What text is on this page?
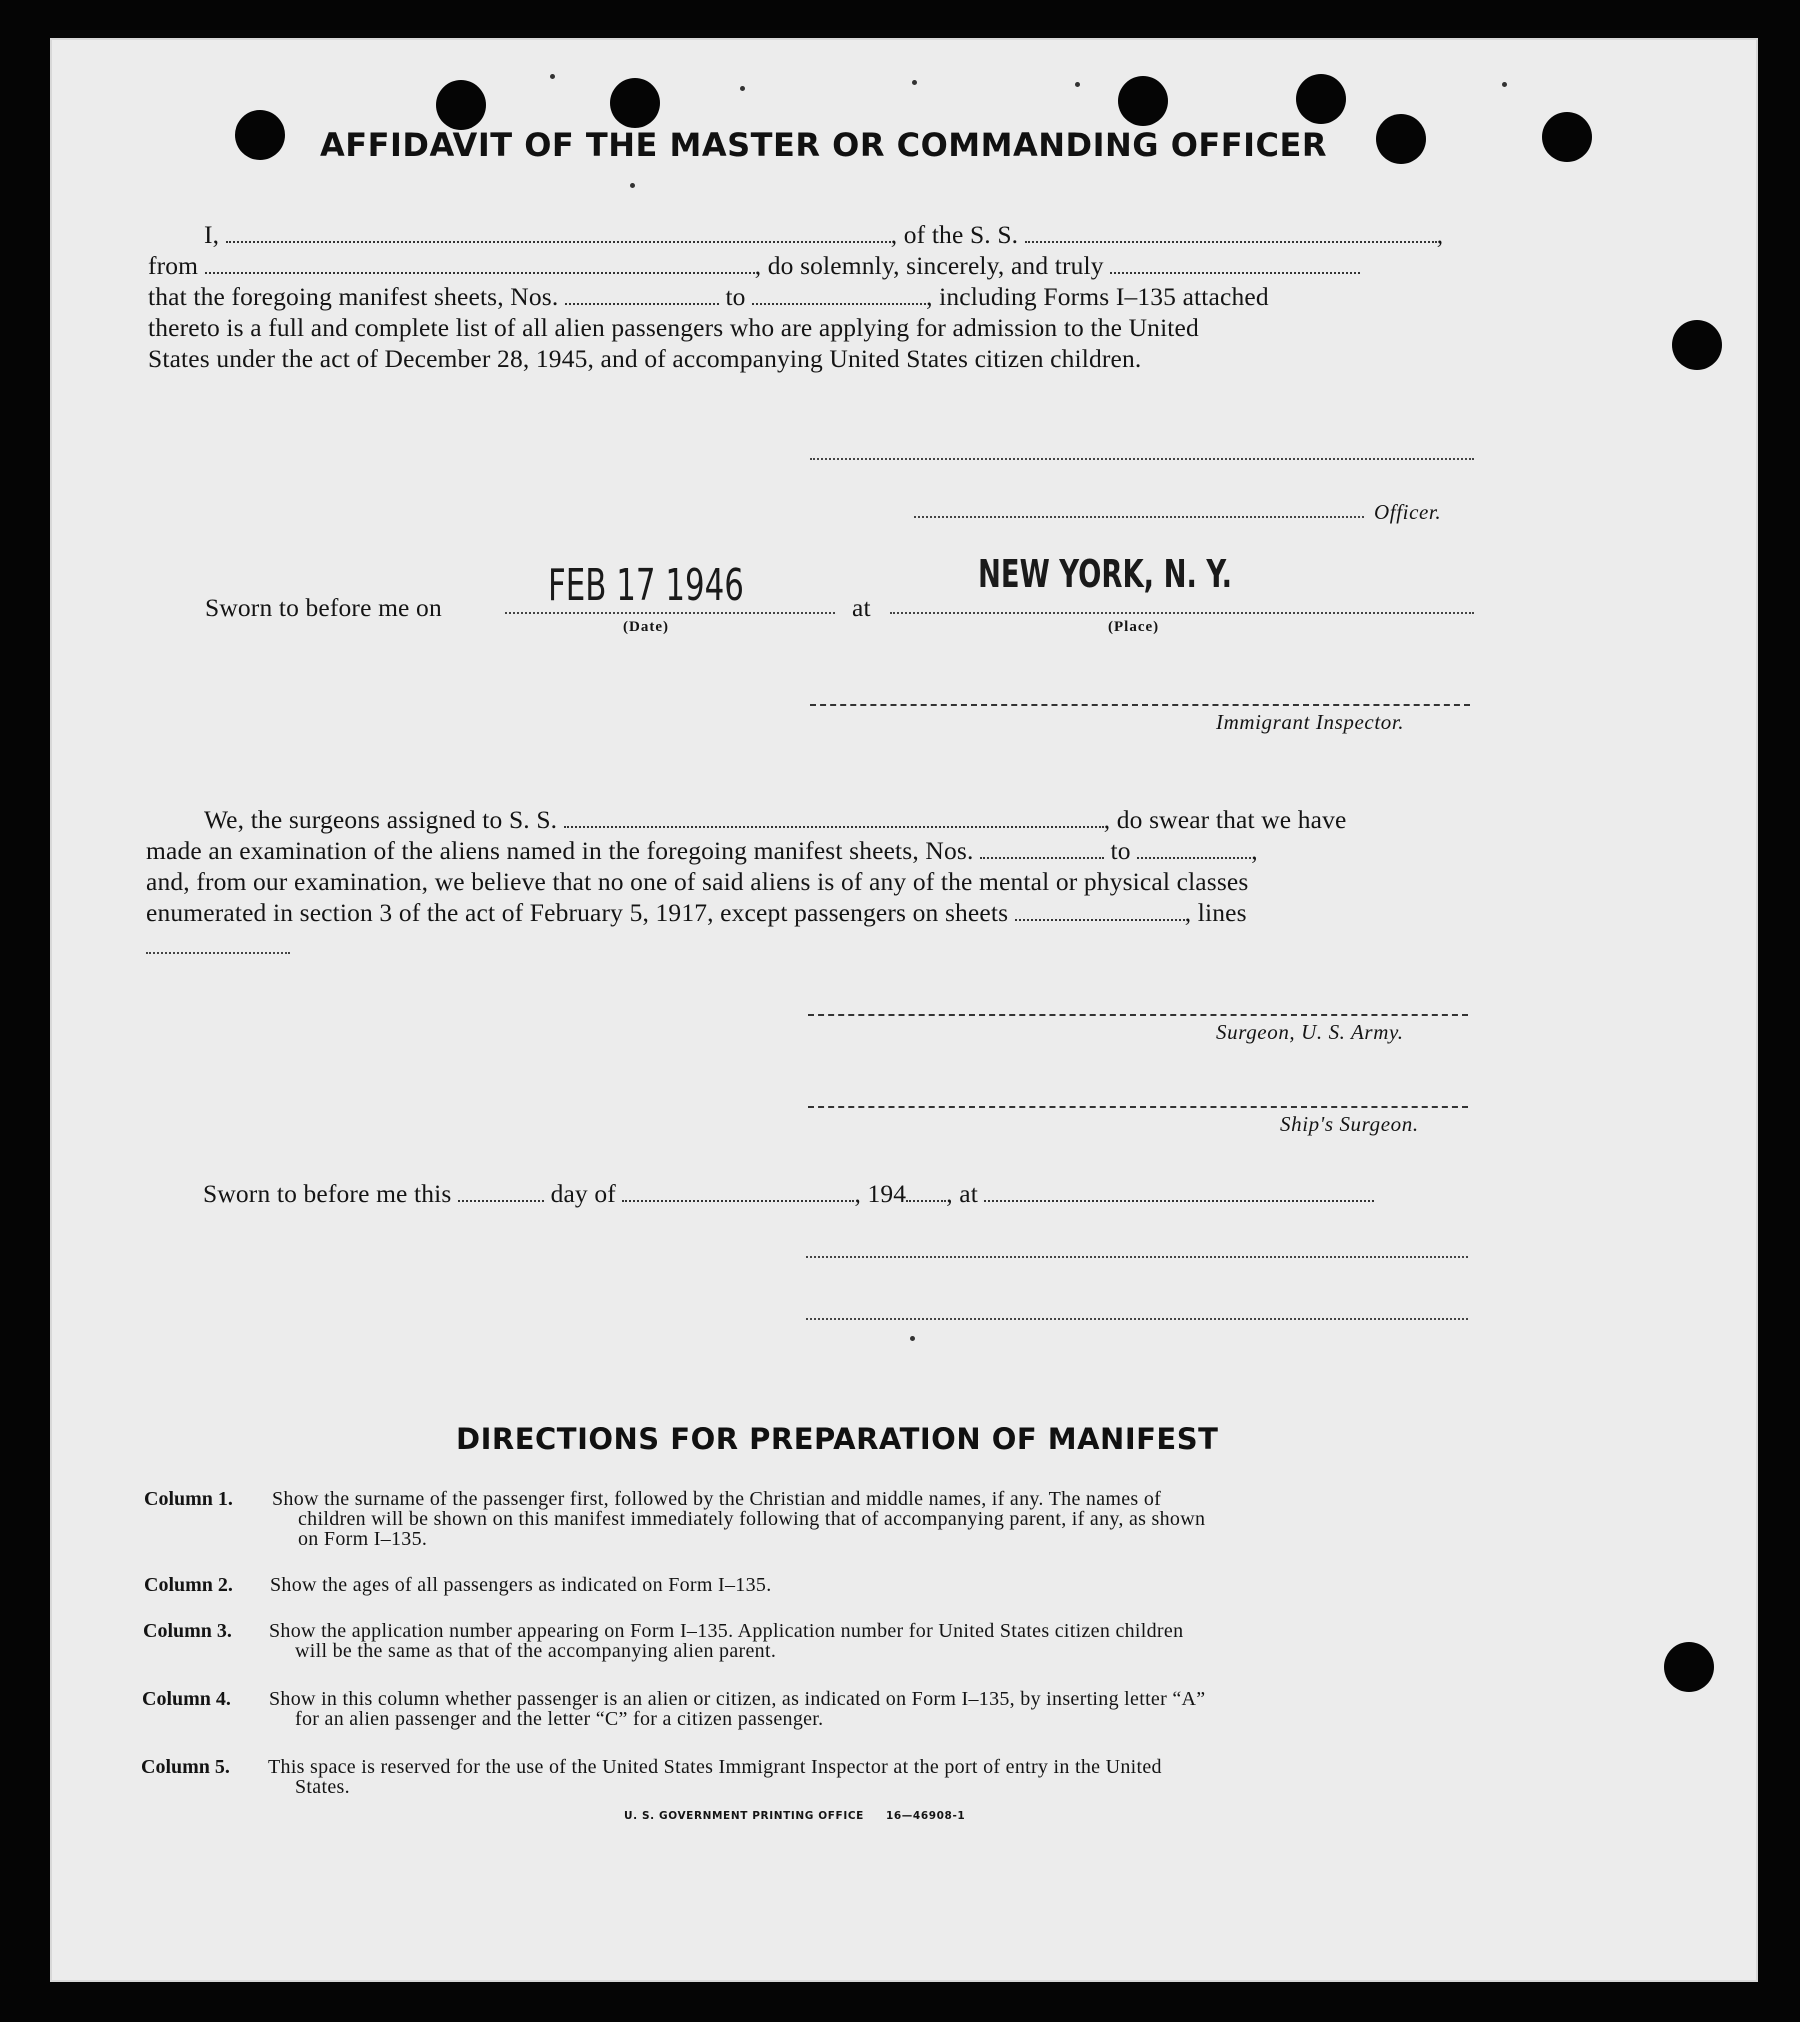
AFFIDAVIT OF THE MASTER OR COMMANDING OFFICER
I,	, of the S. S.	,
from	, do solemnly, sincerely, and truly
that the foregoing manifest sheets, Nos.	to	, including Forms I–135 attached
thereto is a full and complete list of all alien passengers who are applying for admission to the United
States under the act of December 28, 1945, and of accompanying United States citizen children.
Officer.
Sworn to before me on FEB 17 1946	at
NEW YORK, N. Y.
(Date)	(Place)
Immigrant Inspector.
We, the surgeons assigned to S. S.	, do swear that we have
made an examination of the aliens named in the foregoing manifest sheets, Nos.	to	,
and, from our examination, we believe that no one of said aliens is of any of the mental or physical classes
enumerated in section 3 of the act of February 5, 1917, except passengers on sheets	, lines
Surgeon, U. S. Army.
Ship's Surgeon.
Sworn to before me this	day of	, 194 , at
DIRECTIONS FOR PREPARATION OF MANIFEST
Column 1. Show the surname of the passenger first, followed by the Christian and middle names, if any. The names of
children will be shown on this manifest immediately following that of accompanying parent, if any, as shown
on Form I–135.
Column 2. Show the ages of all passengers as indicated on Form I–135.
Column 3. Show the application number appearing on Form I–135. Application number for United States citizen children
will be the same as that of the accompanying alien parent.
Column 4. Show in this column whether passenger is an alien or citizen, as indicated on Form I–135, by inserting letter “A”
for an alien passenger and the letter “C” for a citizen passenger.
Column 5. This space is reserved for the use of the United States Immigrant Inspector at the port of entry in the United
States.
U. S. GOVERNMENT PRINTING OFFICE 16—46908-1
